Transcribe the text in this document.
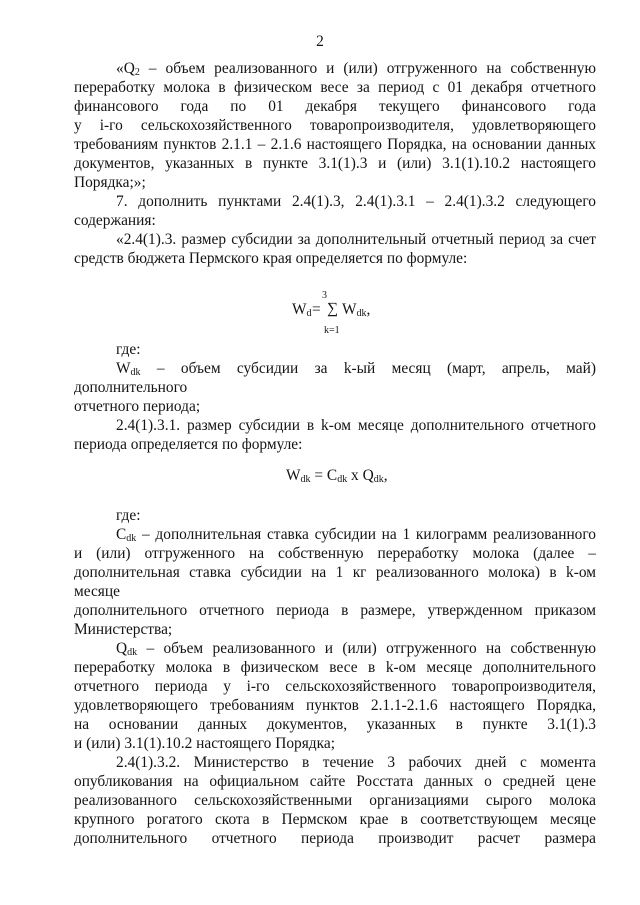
2

«$Q_2$ – объем реализованного и (или) отгруженного на собственную

переработку молока в физическом весе за период с 01 декабря отчетного

финансового года по 01 декабря текущего финансового года

у i-го сельскохозяйственного товаропроизводителя, удовлетворяющего

требованиям пунктов 2.1.1 – 2.1.6 настоящего Порядка, на основании данных

документов, указанных в пункте 3.1(1).3 и (или) 3.1(1).10.2 настоящего

Порядка;»;

7. дополнить пунктами 2.4(1).3, 2.4(1).3.1 – 2.4(1).3.2 следующего

содержания:

«2.4(1).3. размер субсидии за дополнительный отчетный период за счет

средств бюджета Пермского края определяется по формуле:

3
$W_d$ = ∑ $W_{dk}$,
k=1

где:

$W_{dk}$ – объем субсидии за k-ый месяц (март, апрель, май) дополнительного

отчетного периода;

2.4(1).3.1. размер субсидии в k-ом месяце дополнительного отчетного

периода определяется по формуле:

$W_{dk} = C_{dk}$ x $Q_{dk}$,

где:

$C_{dk}$ – дополнительная ставка субсидии на 1 килограмм реализованного

и (или) отгруженного на собственную переработку молока (далее –

дополнительная ставка субсидии на 1 кг реализованного молока) в k-ом месяце

дополнительного отчетного периода в размере, утвержденном приказом

Министерства;

$Q_{dk}$ – объем реализованного и (или) отгруженного на собственную

переработку молока в физическом весе в k-ом месяце дополнительного

отчетного периода у i-го сельскохозяйственного товаропроизводителя,

удовлетворяющего требованиям пунктов 2.1.1-2.1.6 настоящего Порядка,

на основании данных документов, указанных в пункте 3.1(1).3

и (или) 3.1(1).10.2 настоящего Порядка;

2.4(1).3.2. Министерство в течение 3 рабочих дней с момента

опубликования на официальном сайте Росстата данных о средней цене

реализованного сельскохозяйственными организациями сырого молока

крупного рогатого скота в Пермском крае в соответствующем месяце

дополнительного отчетного периода производит расчет размера
